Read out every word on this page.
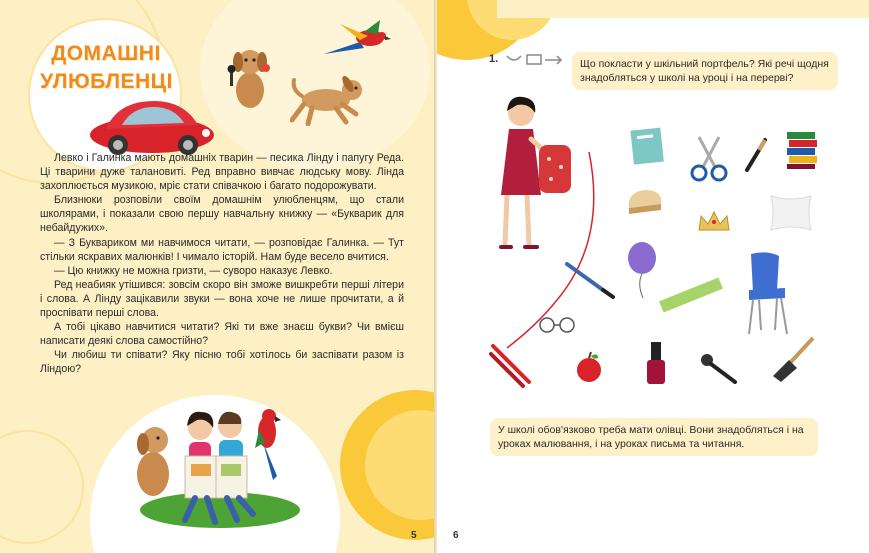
ДОМАШНІ
УЛЮБЛЕНЦІ

Левко і Галинка мають домашніх тварин — песика Лінду і папугу Реда. Ці тварини дуже талановиті. Ред вправно вивчає людську мову. Лінда захоплюється музикою, мріє стати співачкою і багато подорожувати.

Близнюки розповіли своїм домашнім улюбленцям, що стали школярами, і показали свою першу навчальну книжку — «Букварик для небайдужих».

— З Буквариком ми навчимося читати, — розповідає Галинка. — Тут стільки яскравих малюнків! І чимало історій. Нам буде весело вчитися.

— Цю книжку не можна гризти, — суворо наказує Левко.

Ред неабияк утішився: зовсім скоро він зможе вишкребти перші літери і слова. А Лінду зацікавили звуки — вона хоче не лише прочитати, а й проспівати перші слова.

А тобі цікаво навчитися читати? Які ти вже знаєш букви? Чи вмієш написати деякі слова самостійно?

Чи любиш ти співати? Яку пісню тобі хотілось би заспівати разом із Ліндою?

5
1.	Що покласти у шкільний портфель? Які речі щодня знадобляться у школі на уроці і на перерві?
У школі обов'язково треба мати олівці. Вони знадобляться і на уроках малювання, і на уроках письма та читання.
6
